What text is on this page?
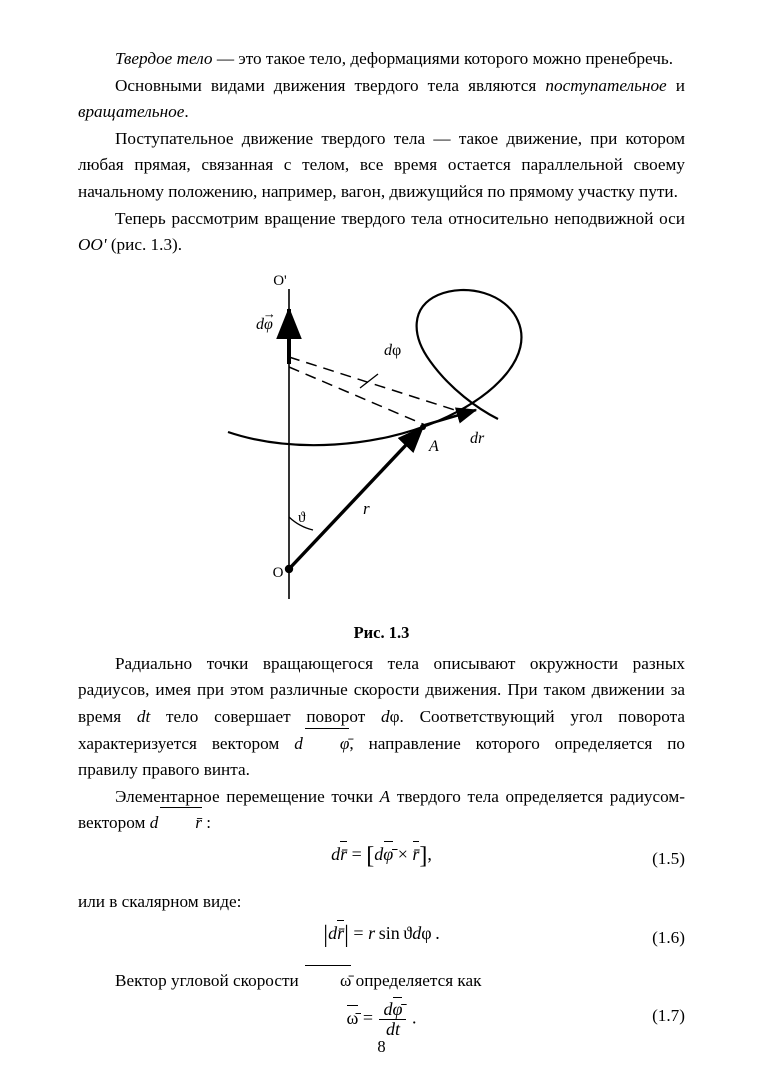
Твердое тело — это такое тело, деформациями которого можно пренебречь.

Основными видами движения твердого тела являются поступательное и вращательное.

Поступательное движение твердого тела — такое движение, при котором любая прямая, связанная с телом, все время остается параллельной своему начальному положению, например, вагон, движущийся по прямому участку пути.

Теперь рассмотрим вращение твердого тела относительно неподвижной оси OO' (рис. 1.3).

O'
O
dφ→
dφ
A dr
r
ϑ
Рис. 1.3

Радиально точки вращающегося тела описывают окружности разных радиусов, имея при этом различные скорости движения. При таком движении за время dt тело совершает поворот dφ. Соответствующий угол поворота характеризуется вектором d φ̄, направление которого определяется по правилу правого винта.

Элементарное перемещение точки A твердого тела определяется радиусом-вектором d r̄ :

dr̄ = [dφ̄ × r̄],	(1.5)

или в скалярном виде:

|dr̄| = r sin ϑdφ .	(1.6)

Вектор угловой скорости ω̄ определяется как

ω̄ = $\frac{d\varphī}{dt}$  .	(1.7)
8
